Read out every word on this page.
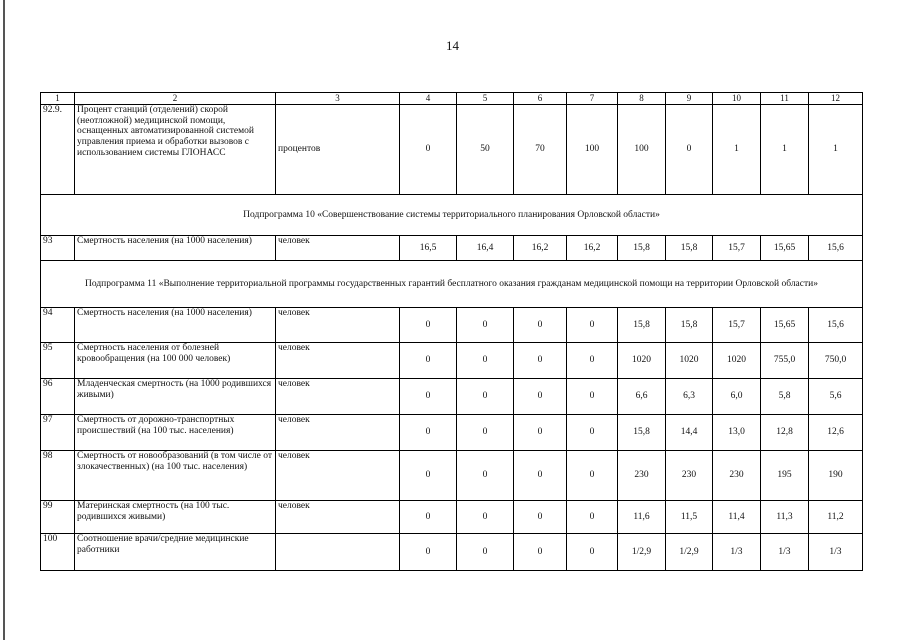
14
1	2	3	4	5	6	7	8	9	10	11	12
92.9.	Процент станций (отделений) скорой (неотложной) медицинской помощи, оснащенных автоматизированной системой управления приема и обработки вызовов с использованием системы ГЛОНАСС	процентов	0	50	70	100	100	0	1	1	1
Подпрограмма 10 «Совершенствование системы территориального планирования Орловской области»											
93	Смертность населения (на 1000 населения)	человек	16,5	16,4	16,2	16,2	15,8	15,8	15,7	15,65	15,6
Подпрограмма 11 «Выполнение территориальной программы государственных гарантий бесплатного оказания гражданам медицинской помощи на территории Орловской области»											
94	Смертность населения (на 1000 населения)	человек	0	0	0	0	15,8	15,8	15,7	15,65	15,6
95	Смертность населения от болезней кровообращения (на 100 000 человек)	человек	0	0	0	0	1020	1020	1020	755,0	750,0
96	Младенческая смертность (на 1000 родившихся живыми)	человек	0	0	0	0	6,6	6,3	6,0	5,8	5,6
97	Смертность от дорожно-транспортных происшествий (на 100 тыс. населения)	человек	0	0	0	0	15,8	14,4	13,0	12,8	12,6
98	Смертность от новообразований (в том числе от злокачественных) (на 100 тыс. населения)	человек	0	0	0	0	230	230	230	195	190
99	Материнская смертность (на 100 тыс. родившихся живыми)	человек	0	0	0	0	11,6	11,5	11,4	11,3	11,2
100	Соотношение врачи/средние медицинские работники		0	0	0	0	1/2,9	1/2,9	1/3	1/3	1/3
